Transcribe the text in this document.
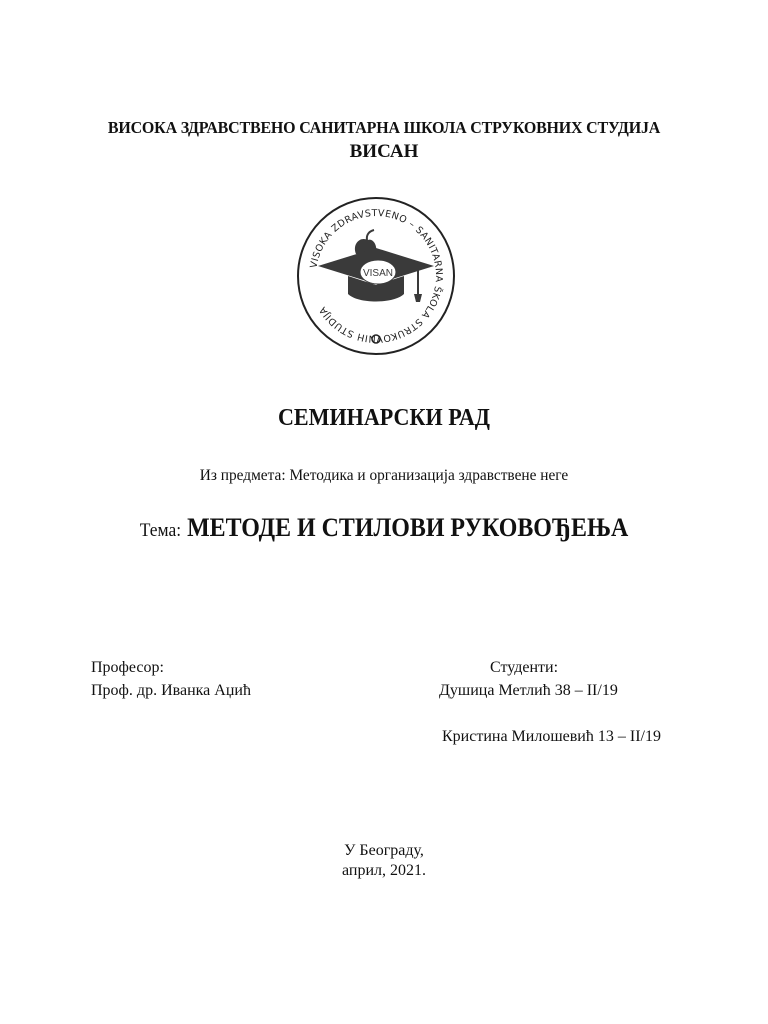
ВИСОКА ЗДРАВСТВЕНО САНИТАРНА ШКОЛА СТРУКОВНИХ СТУДИЈА
ВИСАН
VISOKA ZDRAVSTVENO – SANITARNA ŠKOLA STRUKOVNIH STUDIJA
VISAN
СЕМИНАРСКИ РАД
Из предмета: Методика и организација здравствене неге
Тема: МЕТОДЕ И СТИЛОВИ РУКОВОЂЕЊА
Професор:
Проф. др. Иванка Аџић
Студенти:
Душица Метлић 38 – II/19
Кристина Милошевић 13 – II/19
У Београду,
април, 2021.
